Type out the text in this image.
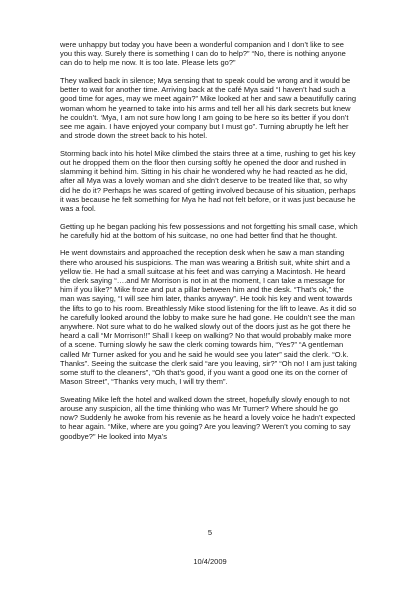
were unhappy but today you have been a wonderful companion and I don’t like to see you this way. Surely there is something I can do to help?” “No, there is nothing anyone can do to help me now. It is too late. Please lets go?”

They walked back in silence; Mya sensing that to speak could be wrong and it would be better to wait for another time. Arriving back at the café Mya said “I haven’t had such a good time for ages, may we meet again?” Mike looked at her and saw a beautifully caring woman whom he yearned to take into his arms and tell her all his dark secrets but knew he couldn’t. ‘Mya, I am not sure how long I am going to be here so its better if you don’t see me again. I have enjoyed your company but I must go”. Turning abruptly he left her and strode down the street back to his hotel.

Storming back into his hotel Mike climbed the stairs three at a time, rushing to get his key out he dropped them on the floor then cursing softly he opened the door and rushed in slamming it behind him. Sitting in his chair he wondered why he had reacted as he did, after all Mya was a lovely woman and she didn’t deserve to be treated like that, so why did he do it? Perhaps he was scared of getting involved because of his situation, perhaps it was because he felt something for Mya he had not felt before, or it was just because he was a fool.

Getting up he began packing his few possessions and not forgetting his small case, which he carefully hid at the bottom of his suitcase, no one had better find that he thought.

He went downstairs and approached the reception desk when he saw a man standing there who aroused his suspicions. The man was wearing a British suit, white shirt and a yellow tie. He had a small suitcase at his feet and was carrying a Macintosh. He heard the clerk saying “….and Mr Morrison is not in at the moment, I can take a message for him if you like?” Mike froze and put a pillar between him and the desk. “That’s ok,” the man was saying, “I will see him later, thanks anyway”. He took his key and went towards the lifts to go to his room. Breathlessly Mike stood listening for the lift to leave. As it did so he carefully looked around the lobby to make sure he had gone. He couldn’t see the man anywhere. Not sure what to do he walked slowly out of the doors just as he got there he heard a call “Mr Morrison!!” Shall I keep on walking? No that would probably make more of a scene. Turning slowly he saw the clerk coming towards him, “Yes?” “A gentleman called Mr Turner asked for you and he said he would see you later” said the clerk. “O.k. Thanks”. Seeing the suitcase the clerk said “are you leaving, sir?” “Oh no! I am just taking some stuff to the cleaners”, “Oh that’s good, if you want a good one its on the corner of Mason Street”, “Thanks very much, I will try them”.

Sweating Mike left the hotel and walked down the street, hopefully slowly enough to not arouse any suspicion, all the time thinking who was Mr Turner? Where should he go now? Suddenly he awoke from his revenie as he heard a lovely voice he hadn’t expected to hear again. “Mike, where are you going? Are you leaving? Weren’t you coming to say goodbye?” He looked into Mya’s

5
10/4/2009
